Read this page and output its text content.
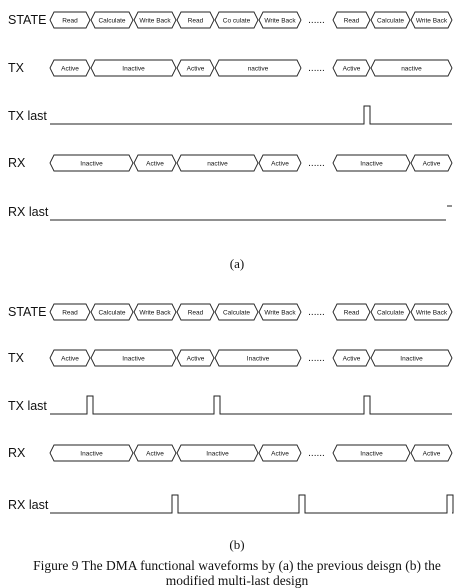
STATE Read	Calculate Write Back	Read	Co culate Write Back	Read	Calculate Write Back
......
TX	Active	Inactive	Active	nactive	Active	nactive
......
TX last
RX	Inactive	Active	nactive	Active	Inactive	Active
......
RX last
(a)
STATE Read	Calculate Write Back	Read	Calculate Write Back	Read	Calculate Write Back
......
TX	Active	Inactive	Active	Inactive	Active	Inactive
......
TX last
RX	Inactive	Active	Inactive	Active	Inactive	Active
......
RX last
(b)
Figure 9 The DMA functional waveforms by (a) the previous deisgn (b) the
modified multi-last design
